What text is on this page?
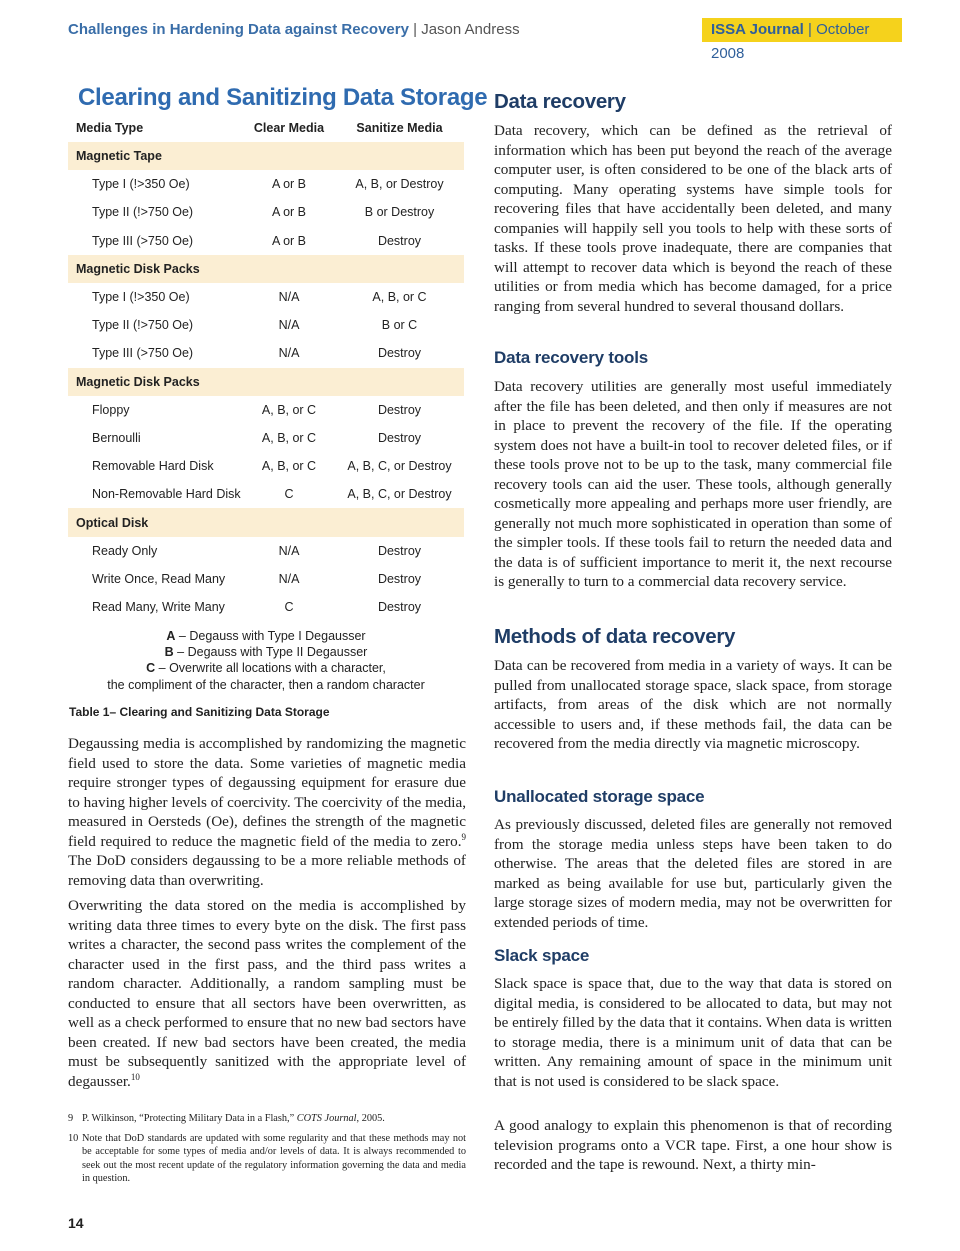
Challenges in Hardening Data against Recovery | Jason Andress	ISSA Journal | October 2008
Clearing and Sanitizing Data Storage
Media Type	Clear Media	Sanitize Media
Magnetic Tape
Type I (!>350 Oe)	A or B	A, B, or Destroy
Type II (!>750 Oe)	A or B	B or Destroy
Type III (>750 Oe)	A or B	Destroy
Magnetic Disk Packs
Type I (!>350 Oe)	N/A	A, B, or C
Type II (!>750 Oe)	N/A	B or C
Type III (>750 Oe)	N/A	Destroy
Magnetic Disk Packs
Floppy	A, B, or C	Destroy
Bernoulli	A, B, or C	Destroy
Removable Hard Disk	A, B, or C	A, B, C, or Destroy
Non-Removable Hard Disk	C	A, B, C, or Destroy
Optical Disk
Ready Only	N/A	Destroy
Write Once, Read Many	N/A	Destroy
Read Many, Write Many	C	Destroy
A – Degauss with Type I Degausser
B – Degauss with Type II Degausser
C – Overwrite all locations with a character,
the compliment of the character, then a random character
Table 1– Clearing and Sanitizing Data Storage

Degaussing media is accomplished by randomizing the magnetic field used to store the data. Some varieties of magnetic media require stronger types of degaussing equipment for erasure due to having higher levels of coercivity. The coercivity of the media, measured in Oersteds (Oe), defines the strength of the magnetic field required to reduce the magnetic field of the media to zero.$^9$ The DoD considers degaussing to be a more reliable methods of removing data than overwriting.

Overwriting the data stored on the media is accomplished by writing data three times to every byte on the disk. The first pass writes a character, the second pass writes the complement of the character used in the first pass, and the third pass writes a random character. Additionally, a random sampling must be conducted to ensure that all sectors have been overwritten, as well as a check performed to ensure that no new bad sectors have been created. If new bad sectors have been created, the media must be subsequently sanitized with the appropriate level of degausser.$^{10}$

9 P. Wilkinson, “Protecting Military Data in a Flash,” COTS Journal, 2005.
10 Note that DoD standards are updated with some regularity and that these methods may not be acceptable for some types of media and/or levels of data. It is always recommended to seek out the most recent update of the regulatory information governing the data and media in question.
14
Data recovery

Data recovery, which can be defined as the retrieval of information which has been put beyond the reach of the average computer user, is often considered to be one of the black arts of computing. Many operating systems have simple tools for recovering files that have accidentally been deleted, and many companies will happily sell you tools to help with these sorts of tasks. If these tools prove inadequate, there are companies that will attempt to recover data which is beyond the reach of these utilities or from media which has become damaged, for a price ranging from several hundred to several thousand dollars.

Data recovery tools

Data recovery utilities are generally most useful immediately after the file has been deleted, and then only if measures are not in place to prevent the recovery of the file. If the operating system does not have a built-in tool to recover deleted files, or if these tools prove not to be up to the task, many commercial file recovery tools can aid the user. These tools, although generally cosmetically more appealing and perhaps more user friendly, are generally not much more sophisticated in operation than some of the simpler tools. If these tools fail to return the needed data and the data is of sufficient importance to merit it, the next recourse is generally to turn to a commercial data recovery service.

Methods of data recovery

Data can be recovered from media in a variety of ways. It can be pulled from unallocated storage space, slack space, from storage artifacts, from areas of the disk which are not normally accessible to users and, if these methods fail, the data can be recovered from the media directly via magnetic microscopy.

Unallocated storage space

As previously discussed, deleted files are generally not removed from the storage media unless steps have been taken to do otherwise. The areas that the deleted files are stored in are marked as being available for use but, particularly given the large storage sizes of modern media, may not be overwritten for extended periods of time.

Slack space

Slack space is space that, due to the way that data is stored on digital media, is considered to be allocated to data, but may not be entirely filled by the data that it contains. When data is written to storage media, there is a minimum unit of data that can be written. Any remaining amount of space in the minimum unit that is not used is considered to be slack space.

A good analogy to explain this phenomenon is that of recording television programs onto a VCR tape. First, a one hour show is recorded and the tape is rewound. Next, a thirty min-
